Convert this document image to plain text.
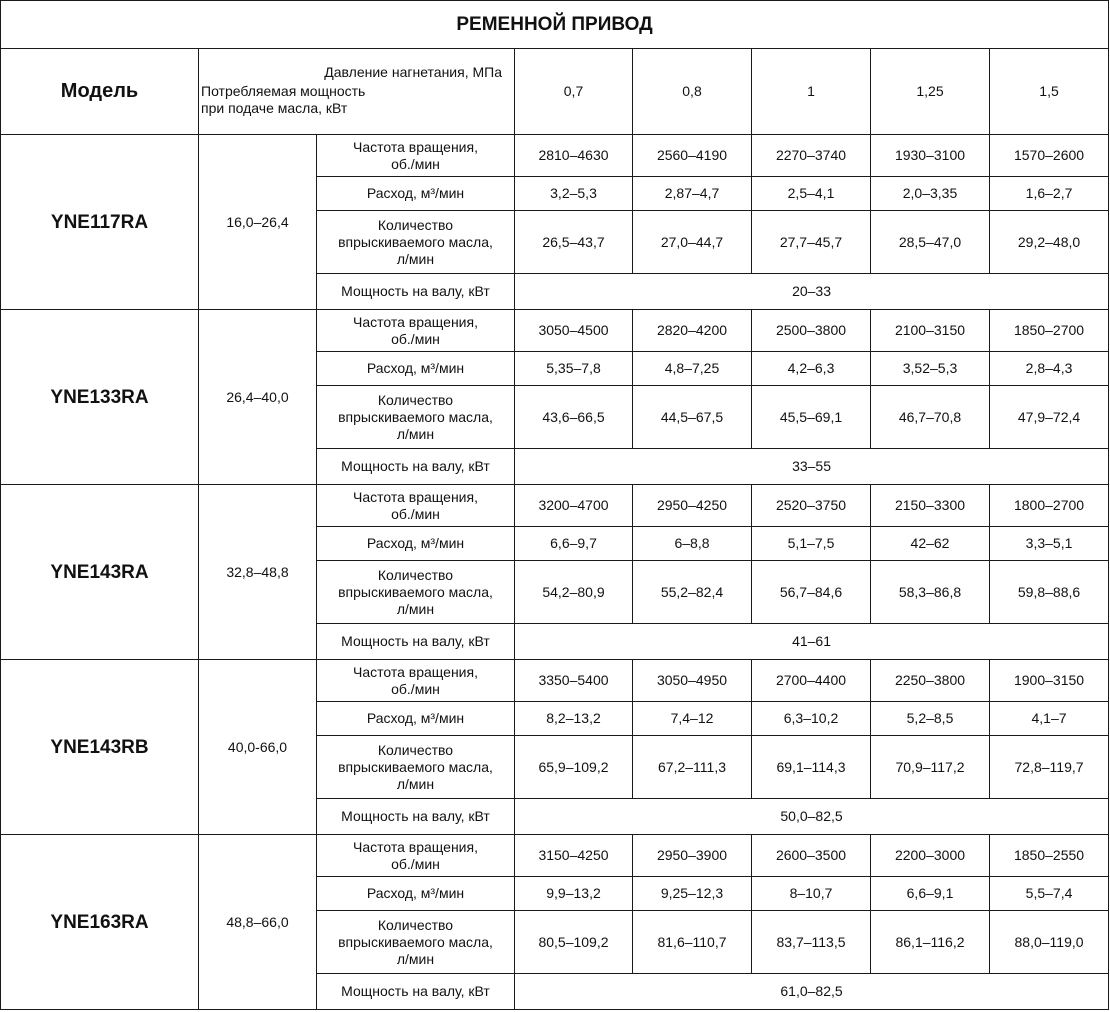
РЕМЕННОЙ ПРИВОД							
Модель	Давление нагнетания, МПа
Потребляемая мощность
при подаче масла, кВт		0,7	0,8	1	1,25	1,5
YNE117RA	16,0–26,4	Частота вращения,
об./мин	2810–4630	2560–4190	2270–3740	1930–3100	1570–2600
		Расход, м³/мин	3,2–5,3	2,87–4,7	2,5–4,1	2,0–3,35	1,6–2,7
		Количество
впрыскиваемого масла,
л/мин	26,5–43,7	27,0–44,7	27,7–45,7	28,5–47,0	29,2–48,0
		Мощность на валу, кВт	20–33				
YNE133RA	26,4–40,0	Частота вращения,
об./мин	3050–4500	2820–4200	2500–3800	2100–3150	1850–2700
		Расход, м³/мин	5,35–7,8	4,8–7,25	4,2–6,3	3,52–5,3	2,8–4,3
		Количество
впрыскиваемого масла,
л/мин	43,6–66,5	44,5–67,5	45,5–69,1	46,7–70,8	47,9–72,4
		Мощность на валу, кВт	33–55				
YNE143RA	32,8–48,8	Частота вращения,
об./мин	3200–4700	2950–4250	2520–3750	2150–3300	1800–2700
		Расход, м³/мин	6,6–9,7	6–8,8	5,1–7,5	42–62	3,3–5,1
		Количество
впрыскиваемого масла,
л/мин	54,2–80,9	55,2–82,4	56,7–84,6	58,3–86,8	59,8–88,6
		Мощность на валу, кВт	41–61				
YNE143RB	40,0-66,0	Частота вращения,
об./мин	3350–5400	3050–4950	2700–4400	2250–3800	1900–3150
		Расход, м³/мин	8,2–13,2	7,4–12	6,3–10,2	5,2–8,5	4,1–7
		Количество
впрыскиваемого масла,
л/мин	65,9–109,2	67,2–111,3	69,1–114,3	70,9–117,2	72,8–119,7
		Мощность на валу, кВт	50,0–82,5				
YNE163RA	48,8–66,0	Частота вращения,
об./мин	3150–4250	2950–3900	2600–3500	2200–3000	1850–2550
		Расход, м³/мин	9,9–13,2	9,25–12,3	8–10,7	6,6–9,1	5,5–7,4
		Количество
впрыскиваемого масла,
л/мин	80,5–109,2	81,6–110,7	83,7–113,5	86,1–116,2	88,0–119,0
		Мощность на валу, кВт	61,0–82,5				
